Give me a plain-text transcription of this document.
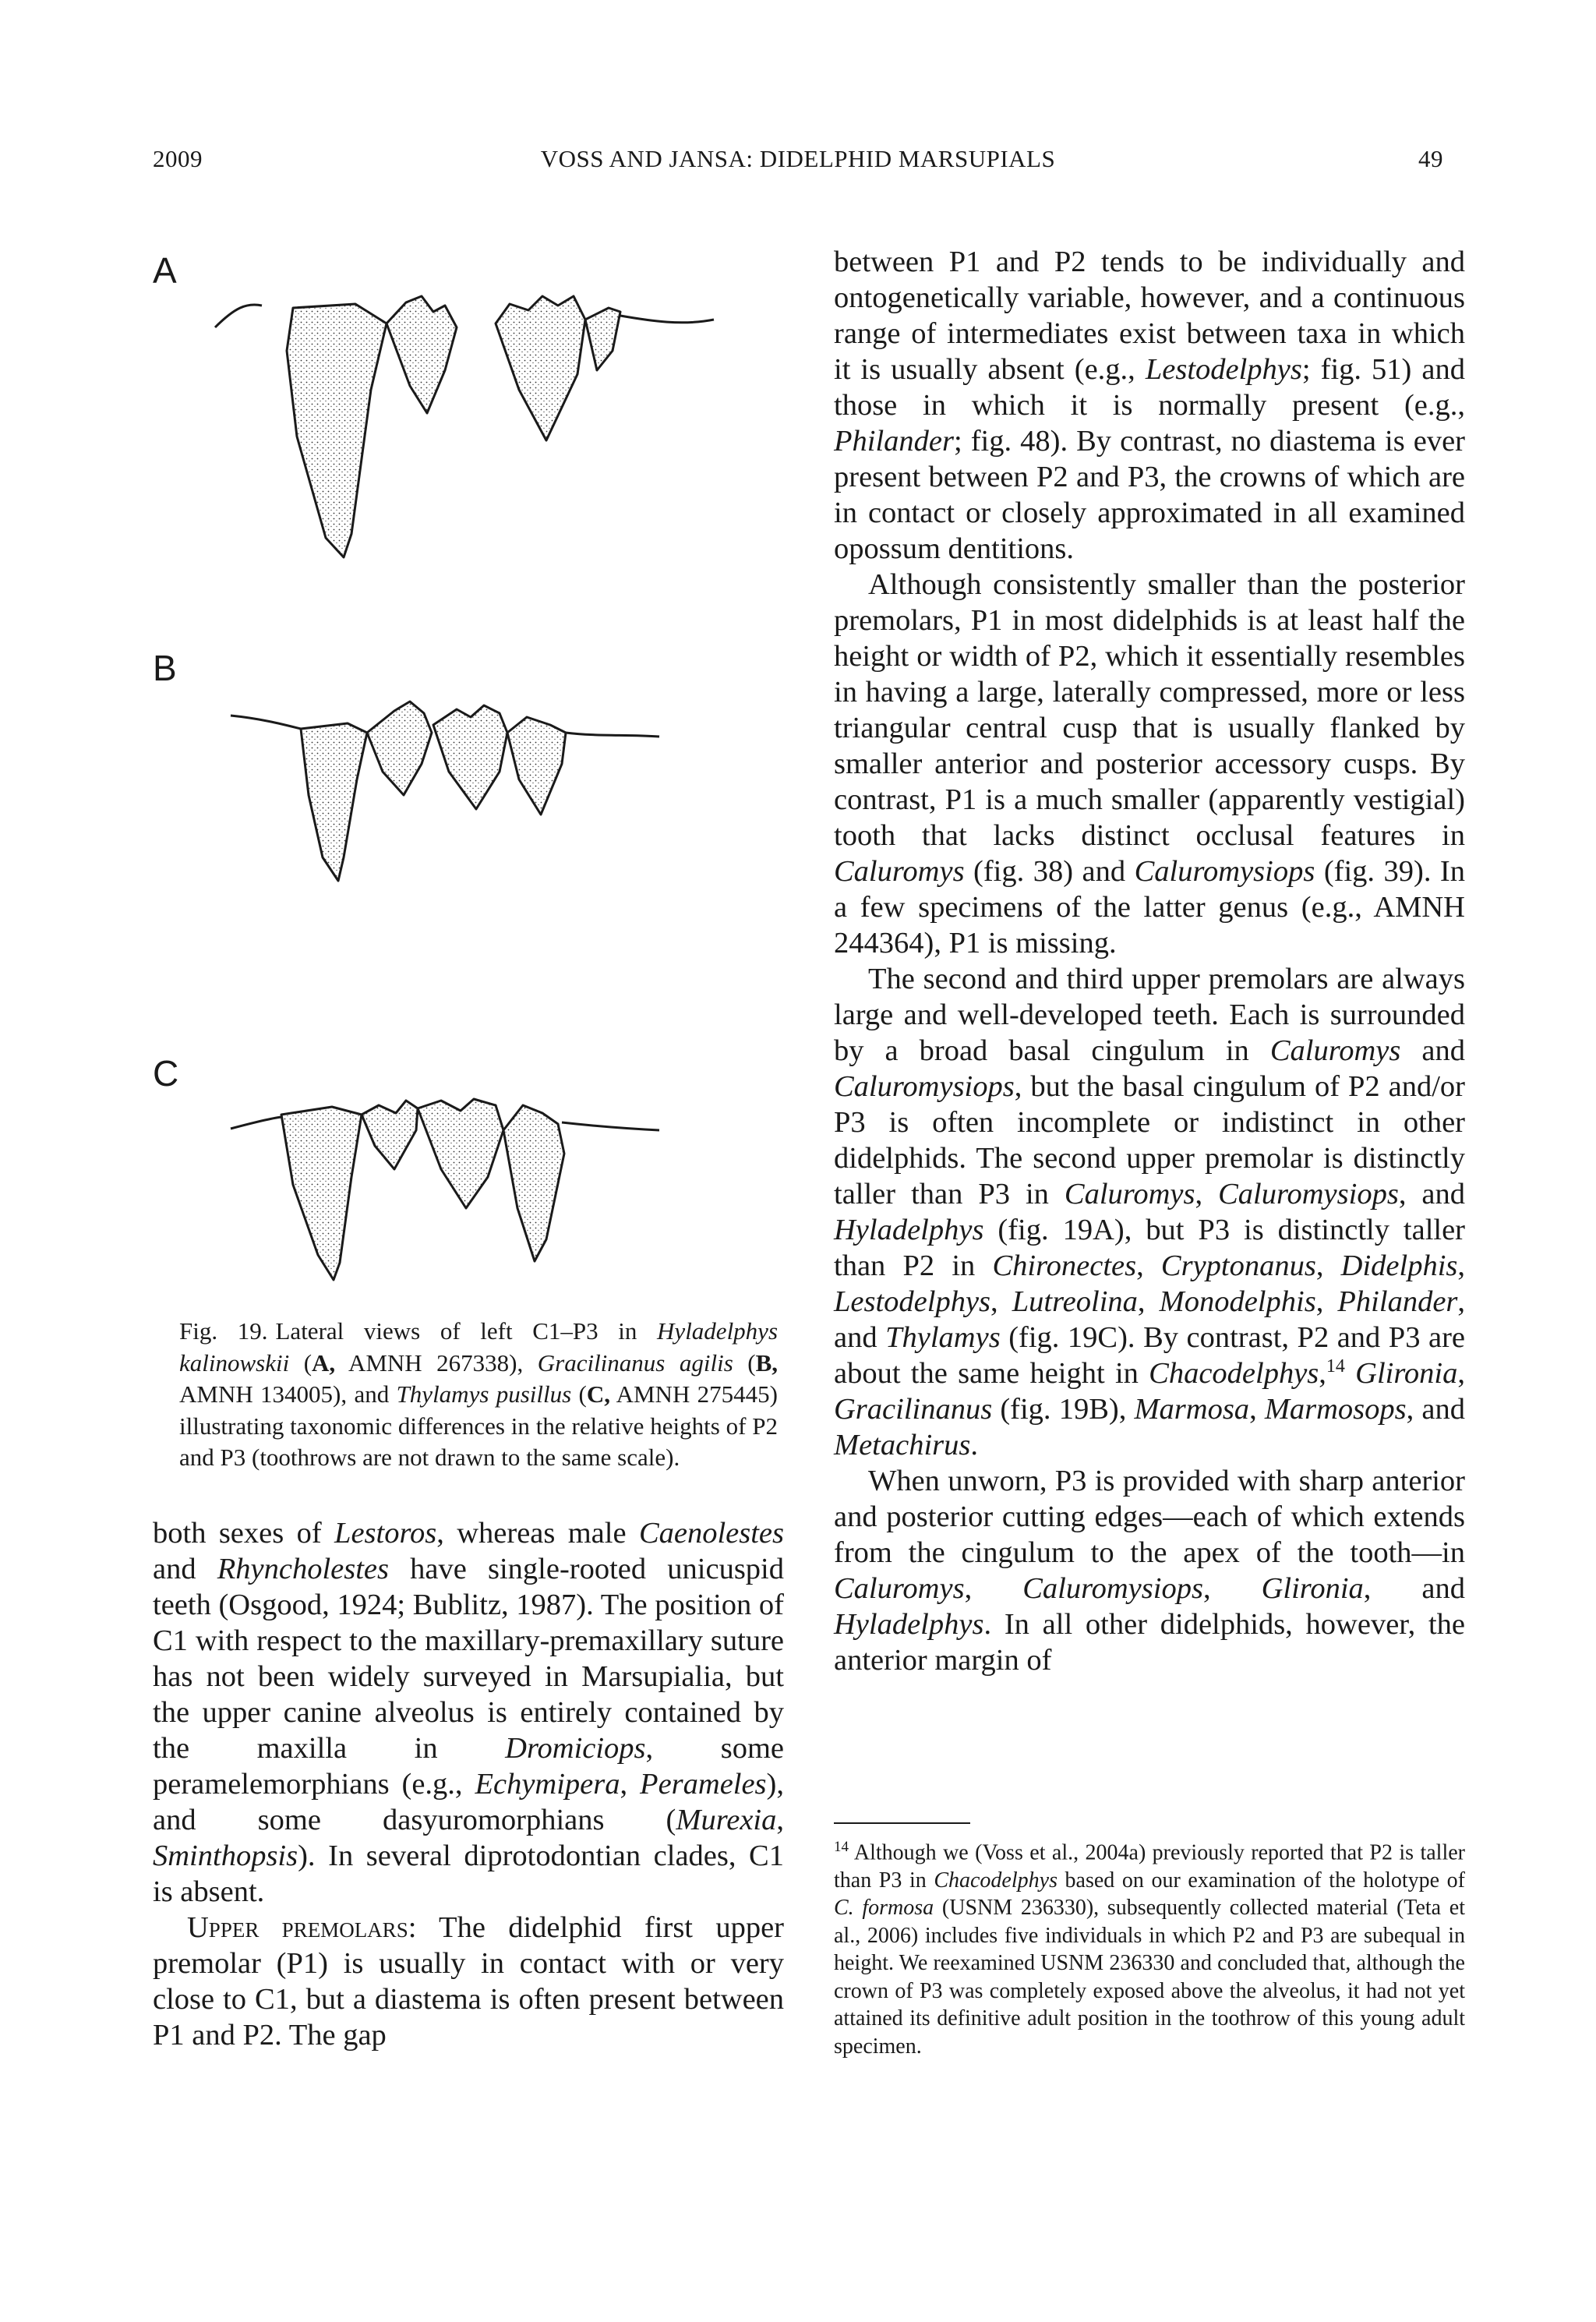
2009	VOSS AND JANSA: DIDELPHID MARSUPIALS	49
A
B
C
Fig. 19. Lateral views of left C1–P3 in Hyladelphys kalinowskii (A, AMNH 267338), Gracilinanus agilis (B, AMNH 134005), and Thylamys pusillus (C, AMNH 275445) illustrating taxonomic differences in the relative heights of P2 and P3 (toothrows are not drawn to the same scale).

both sexes of Lestoros, whereas male Caenolestes and Rhyncholestes have single-rooted unicuspid teeth (Osgood, 1924; Bublitz, 1987). The position of C1 with respect to the maxillary-premaxillary suture has not been widely surveyed in Marsupialia, but the upper canine alveolus is entirely contained by the maxilla in Dromiciops, some peramelemorphians (e.g., Echymipera, Perameles), and some dasyuromorphians (Murexia, Sminthopsis). In several diprotodontian clades, C1 is absent.

Upper premolars: The didelphid first upper premolar (P1) is usually in contact with or very close to C1, but a diastema is often present between P1 and P2. The gap

between P1 and P2 tends to be individually and ontogenetically variable, however, and a continuous range of intermediates exist between taxa in which it is usually absent (e.g., Lestodelphys; fig. 51) and those in which it is normally present (e.g., Philander; fig. 48). By contrast, no diastema is ever present between P2 and P3, the crowns of which are in contact or closely approximated in all examined opossum dentitions.

Although consistently smaller than the posterior premolars, P1 in most didelphids is at least half the height or width of P2, which it essentially resembles in having a large, laterally compressed, more or less triangular central cusp that is usually flanked by smaller anterior and posterior accessory cusps. By contrast, P1 is a much smaller (apparently vestigial) tooth that lacks distinct occlusal features in Caluromys (fig. 38) and Caluromysiops (fig. 39). In a few specimens of the latter genus (e.g., AMNH 244364), P1 is missing.

The second and third upper premolars are always large and well-developed teeth. Each is surrounded by a broad basal cingulum in Caluromys and Caluromysiops, but the basal cingulum of P2 and/or P3 is often incomplete or indistinct in other didelphids. The second upper premolar is distinctly taller than P3 in Caluromys, Caluromysiops, and Hyladelphys (fig. 19A), but P3 is distinctly taller than P2 in Chironectes, Cryptonanus, Didelphis, Lestodelphys, Lutreolina, Monodelphis, Philander, and Thylamys (fig. 19C). By contrast, P2 and P3 are about the same height in Chacodelphys,$^{14}$ Glironia, Gracilinanus (fig. 19B), Marmosa, Marmosops, and Metachirus.

When unworn, P3 is provided with sharp anterior and posterior cutting edges—each of which extends from the cingulum to the apex of the tooth—in Caluromys, Caluromysiops, Glironia, and Hyladelphys. In all other didelphids, however, the anterior margin of

$^{14}$ Although we (Voss et al., 2004a) previously reported that P2 is taller than P3 in Chacodelphys based on our examination of the holotype of C. formosa (USNM 236330), subsequently collected material (Teta et al., 2006) includes five individuals in which P2 and P3 are subequal in height. We reexamined USNM 236330 and concluded that, although the crown of P3 was completely exposed above the alveolus, it had not yet attained its definitive adult position in the toothrow of this young adult specimen.
